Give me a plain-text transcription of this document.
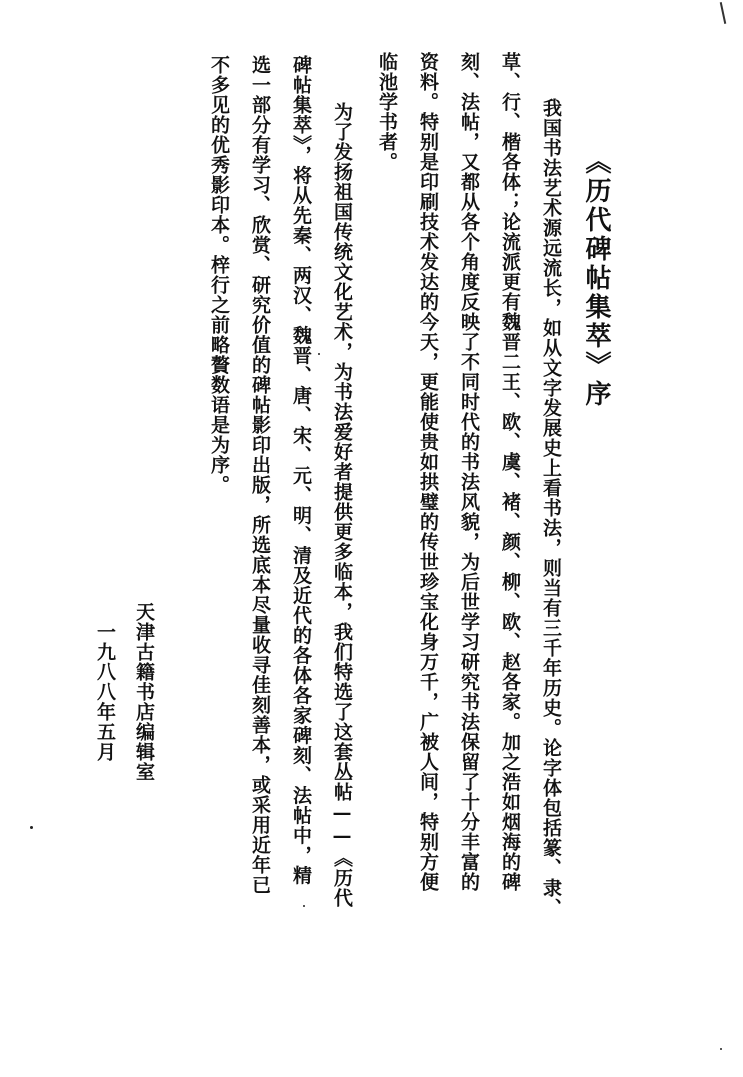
《历代碑帖集萃》序
我国书法艺术源远流长，如从文字发展史上看书法，则当有三千年历史。论字体包括篆、隶、
草、行、楷各体；论流派更有魏晋二王、欧、虞、褚、颜、柳、欧、赵各家。加之浩如烟海的碑
刻、法帖，又都从各个角度反映了不同时代的书法风貌，为后世学习研究书法保留了十分丰富的
资料。特别是印刷技术发达的今天，更能使贵如拱璧的传世珍宝化身万千，广被人间，特别方便
临池学书者。
为了发扬祖国传统文化艺术，为书法爱好者提供更多临本，我们特选了这套丛帖——《历代
碑帖集萃》，将从先秦、两汉、魏晋、唐、宋、元、明、清及近代的各体各家碑刻、法帖中，精
选一部分有学习、欣赏、研究价值的碑帖影印出版，所选底本尽量收寻佳刻善本，或采用近年已
不多见的优秀影印本。梓行之前略贅数语是为序。
天津古籍书店编辑室
一九八八年五月
